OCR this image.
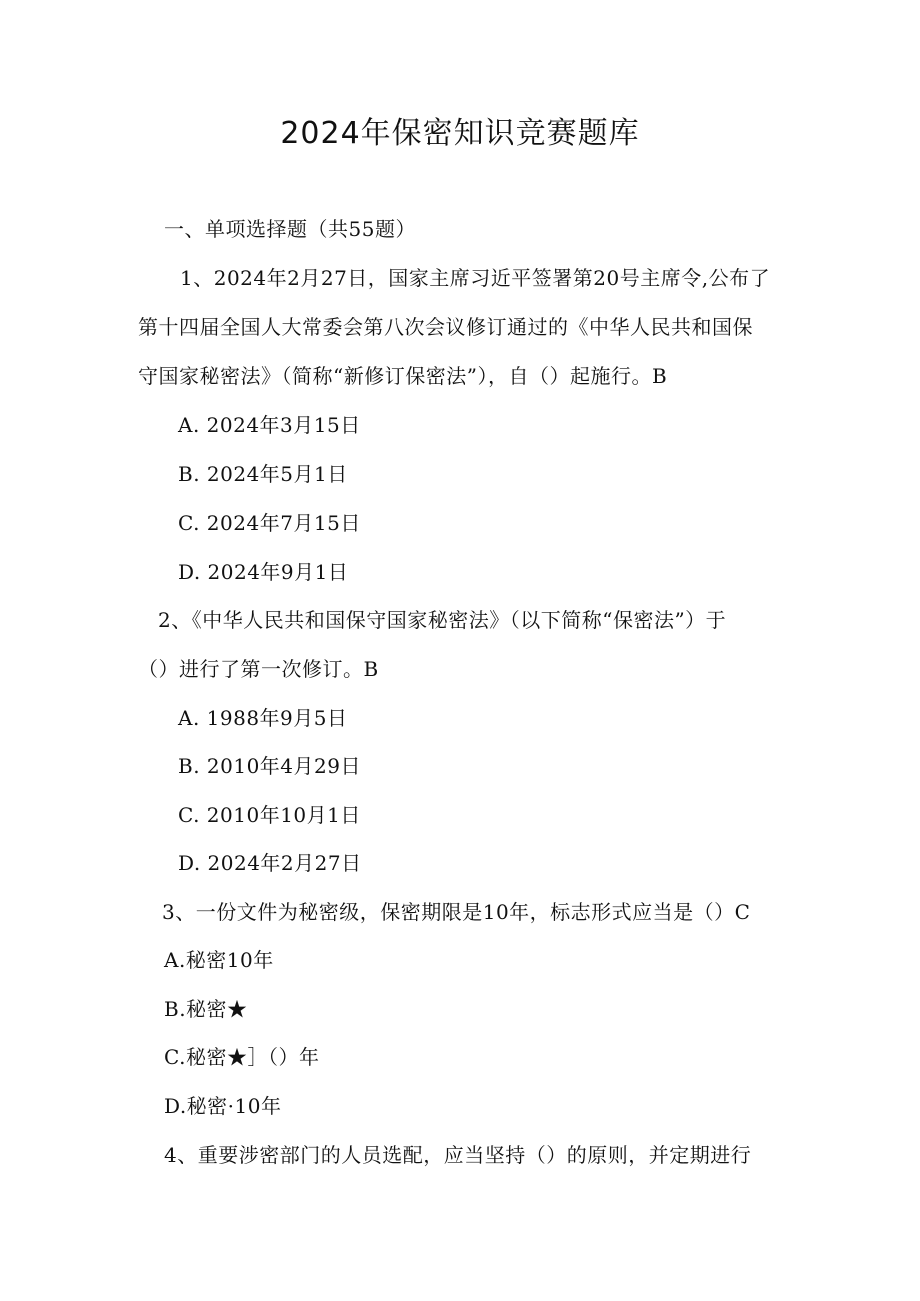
2024年保密知识竞赛题库
一、单项选择题（共55题）
1、2024年2月27日，国家主席习近平签署第20号主席令,公布了
第十四届全国人大常委会第八次会议修订通过的《中华人民共和国保
守国家秘密法》（简称“新修订保密法”），自（）起施行。B
A. 2024年3月15日
B. 2024年5月1日
C. 2024年7月15日
D. 2024年9月1日
2、《中华人民共和国保守国家秘密法》（以下简称“保密法”）于
（）进行了第一次修订。B
A. 1988年9月5日
B. 2010年4月29日
C. 2010年10月1日
D. 2024年2月27日
3、一份文件为秘密级，保密期限是10年，标志形式应当是（）C
A.秘密10年
B.秘密★
C.秘密★］（）年
D.秘密·10年
4、重要涉密部门的人员选配，应当坚持（）的原则，并定期进行
